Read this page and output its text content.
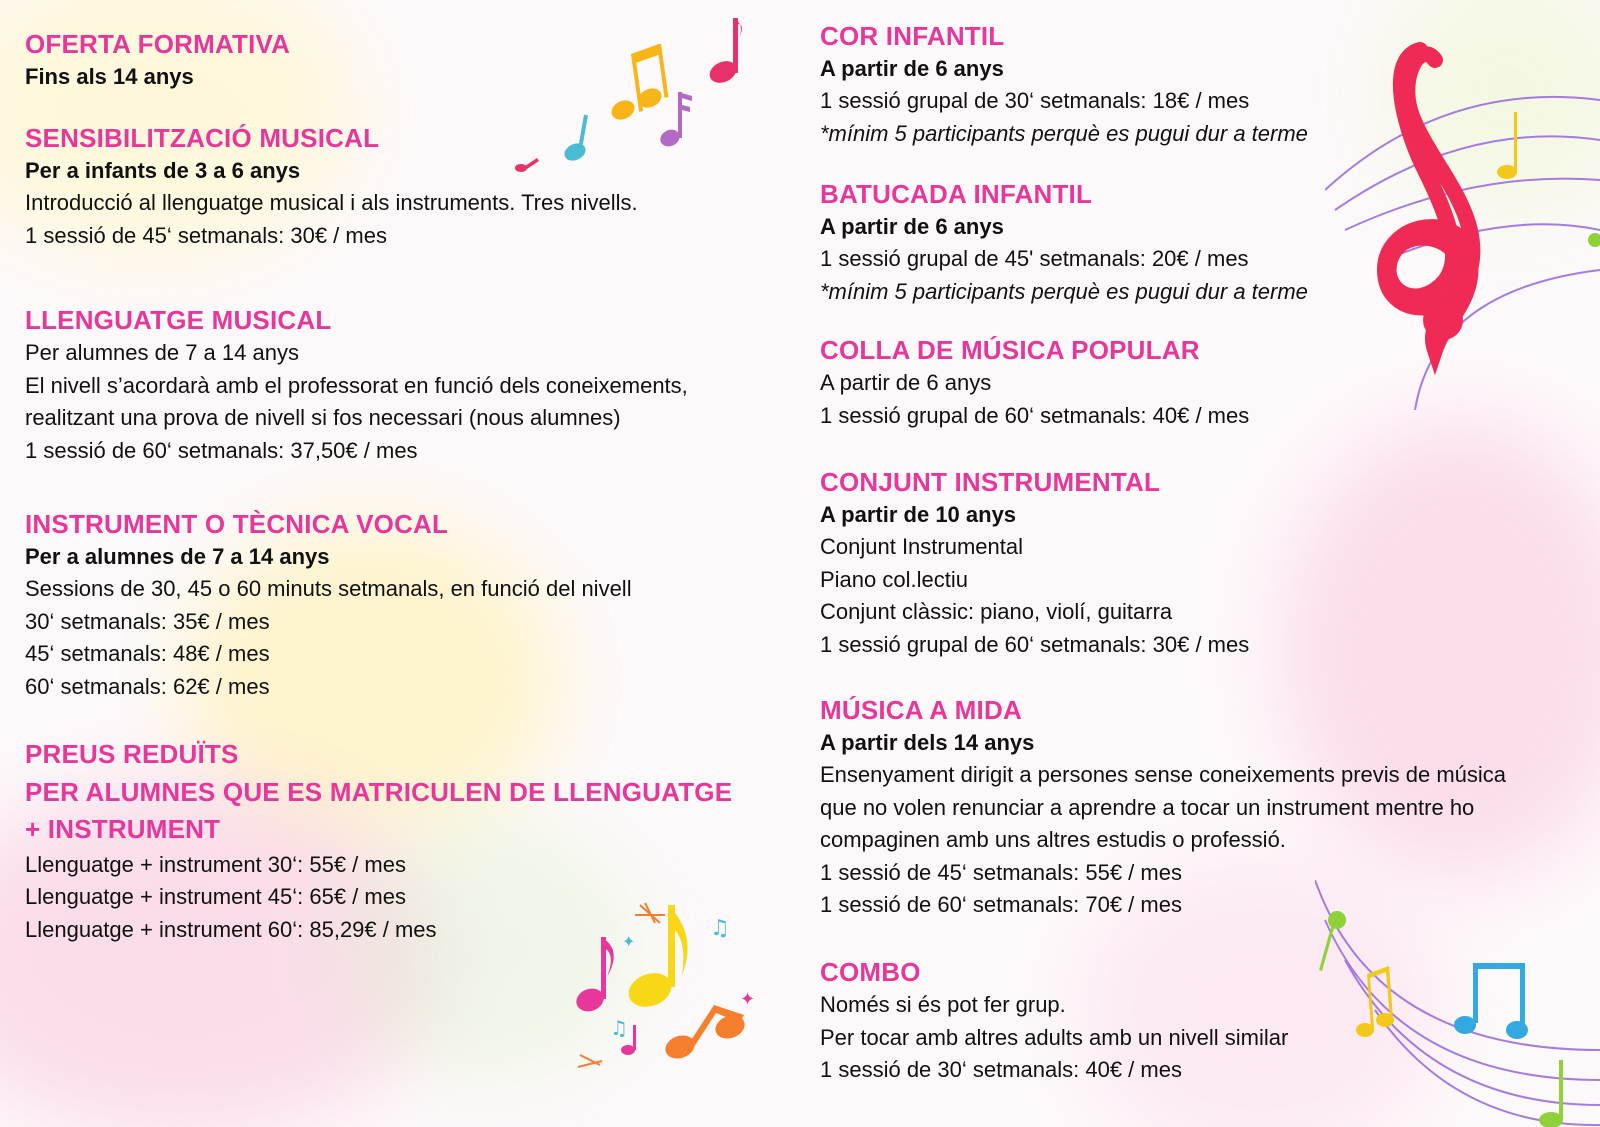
OFERTA FORMATIVA
Fins als 14 anys
SENSIBILITZACIÓ MUSICAL
Per a infants de 3 a 6 anys
Introducció al llenguatge musical i als instruments. Tres nivells.
1 sessió de 45‘ setmanals: 30€ / mes
LLENGUATGE MUSICAL
Per alumnes de 7 a 14 anys
El nivell s’acordarà amb el professorat en funció dels coneixements,
realitzant una prova de nivell si fos necessari (nous alumnes)
1 sessió de 60‘ setmanals: 37,50€ / mes
INSTRUMENT O TÈCNICA VOCAL
Per a alumnes de 7 a 14 anys
Sessions de 30, 45 o 60 minuts setmanals, en funció del nivell
30‘ setmanals: 35€ / mes
45‘ setmanals: 48€ / mes
60‘ setmanals: 62€ / mes
PREUS REDUÏTS
PER ALUMNES QUE ES MATRICULEN DE LLENGUATGE
+ INSTRUMENT
Llenguatge + instrument 30‘: 55€ / mes
Llenguatge + instrument 45‘: 65€ / mes
Llenguatge + instrument 60‘: 85,29€ / mes
COR INFANTIL
A partir de 6 anys
1 sessió grupal de 30‘ setmanals: 18€ / mes
*mínim 5 participants perquè es pugui dur a terme
BATUCADA INFANTIL
A partir de 6 anys
1 sessió grupal de 45' setmanals: 20€ / mes
*mínim 5 participants perquè es pugui dur a terme
COLLA DE MÚSICA POPULAR
A partir de 6 anys
1 sessió grupal de 60‘ setmanals: 40€ / mes
CONJUNT INSTRUMENTAL
A partir de 10 anys
Conjunt Instrumental
Piano col.lectiu
Conjunt clàssic: piano, violí, guitarra
1 sessió grupal de 60‘ setmanals: 30€ / mes
MÚSICA A MIDA
A partir dels 14 anys
Ensenyament dirigit a persones sense coneixements previs de música
que no volen renunciar a aprendre a tocar un instrument mentre ho
compaginen amb uns altres estudis o professió.
1 sessió de 45‘ setmanals: 55€ / mes
1 sessió de 60‘ setmanals: 70€ / mes
COMBO
Només si és pot fer grup.
Per tocar amb altres adults amb un nivell similar
1 sessió de 30‘ setmanals: 40€ / mes
♫
♫
✦
✦
